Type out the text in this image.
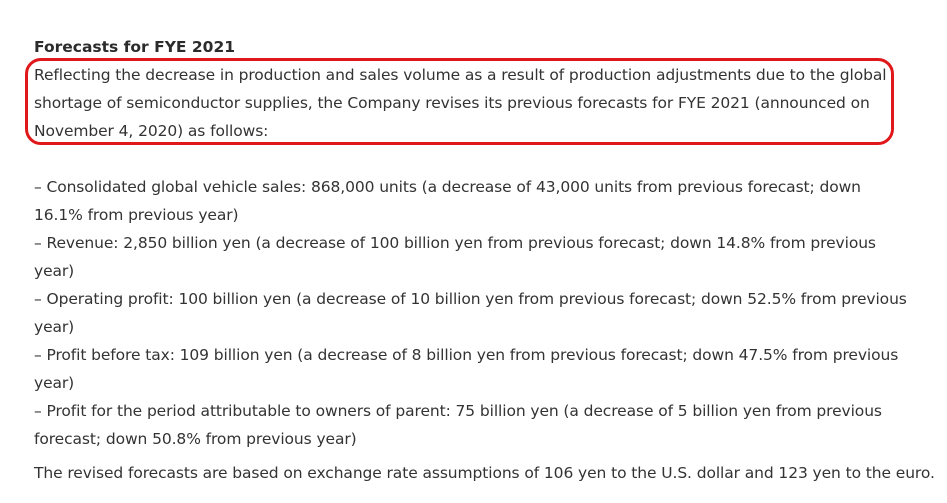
Forecasts for FYE 2021

Reflecting the decrease in production and sales volume as a result of production adjustments due to the global shortage of semiconductor supplies, the Company revises its previous forecasts for FYE 2021 (announced on November 4, 2020) as follows:

– Consolidated global vehicle sales: 868,000 units (a decrease of 43,000 units from previous forecast; down 16.1% from previous year)
– Revenue: 2,850 billion yen (a decrease of 100 billion yen from previous forecast; down 14.8% from previous year)
– Operating profit: 100 billion yen (a decrease of 10 billion yen from previous forecast; down 52.5% from previous year)
– Profit before tax: 109 billion yen (a decrease of 8 billion yen from previous forecast; down 47.5% from previous year)
– Profit for the period attributable to owners of parent: 75 billion yen (a decrease of 5 billion yen from previous forecast; down 50.8% from previous year)

The revised forecasts are based on exchange rate assumptions of 106 yen to the U.S. dollar and 123 yen to the euro.
